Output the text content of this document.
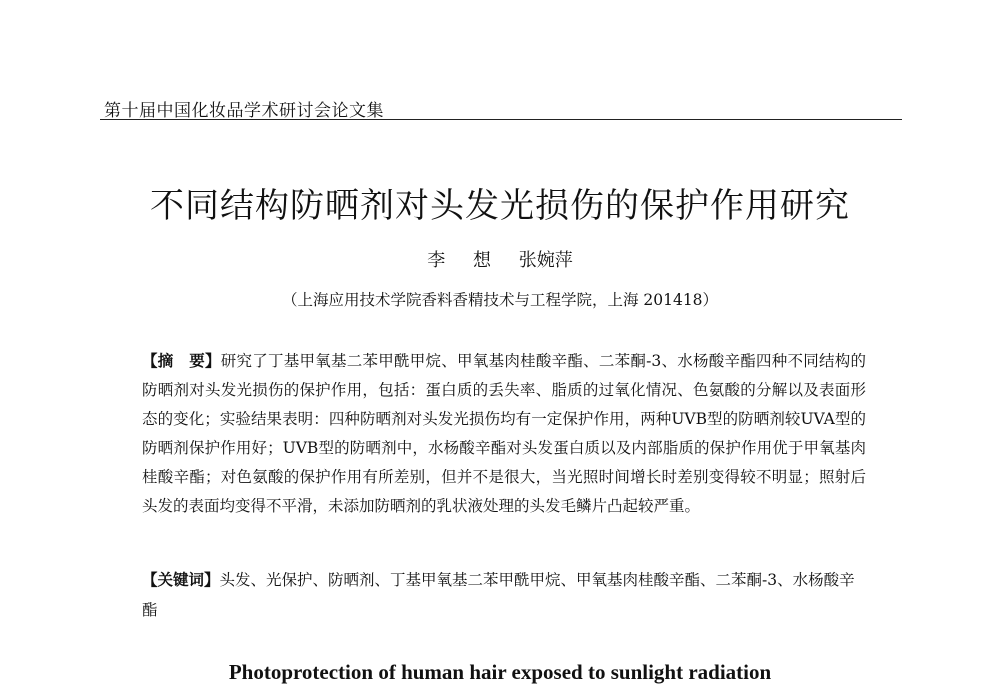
第十届中国化妆品学术研讨会论文集
不同结构防晒剂对头发光损伤的保护作用研究
李 想 张婉萍
（上海应用技术学院香料香精技术与工程学院，上海 201418）

【摘　要】研究了丁基甲氧基二苯甲酰甲烷、甲氧基肉桂酸辛酯、二苯酮-3、水杨酸辛酯四种不同结构的防晒剂对头发光损伤的保护作用，包括：蛋白质的丢失率、脂质的过氧化情况、色氨酸的分解以及表面形态的变化；实验结果表明：四种防晒剂对头发光损伤均有一定保护作用，两种UVB型的防晒剂较UVA型的防晒剂保护作用好；UVB型的防晒剂中，水杨酸辛酯对头发蛋白质以及内部脂质的保护作用优于甲氧基肉桂酸辛酯；对色氨酸的保护作用有所差别，但并不是很大，当光照时间增长时差别变得较不明显；照射后头发的表面均变得不平滑，未添加防晒剂的乳状液处理的头发毛鳞片凸起较严重。

【关键词】头发、光保护、防晒剂、丁基甲氧基二苯甲酰甲烷、甲氧基肉桂酸辛酯、二苯酮-3、水杨酸辛酯

Photoprotection of human hair exposed to sunlight radiation
